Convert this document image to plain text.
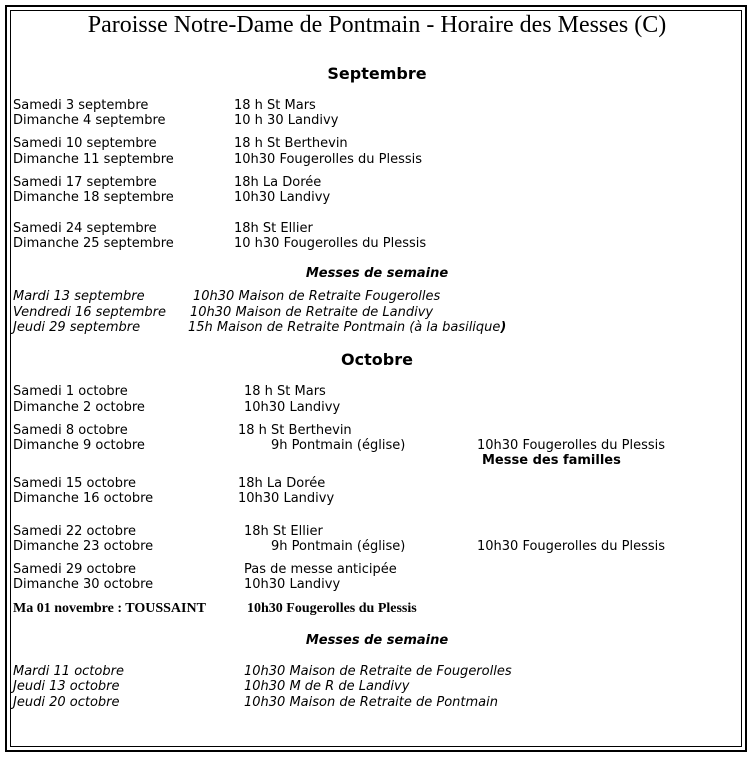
Paroisse Notre-Dame de Pontmain - Horaire des Messes (C)
Septembre
Samedi 3 septembre	18 h St Mars
Dimanche 4 septembre	10 h 30 Landivy
Samedi 10 septembre	18 h St Berthevin
Dimanche 11 septembre	10h30 Fougerolles du Plessis
Samedi 17 septembre	18h La Dorée
Dimanche 18 septembre	10h30 Landivy
Samedi 24 septembre	18h St Ellier
Dimanche 25 septembre	10 h30 Fougerolles du Plessis
Messes de semaine
Mardi 13 septembre	10h30 Maison de Retraite Fougerolles
Vendredi 16 septembre 10h30 Maison de Retraite de Landivy
Jeudi 29 septembre	15h Maison de Retraite Pontmain (à la basilique)
Octobre
Samedi 1 octobre	18 h St Mars
Dimanche 2 octobre	10h30 Landivy
Samedi 8 octobre	18 h St Berthevin
Dimanche 9 octobre	9h Pontmain (église)	10h30 Fougerolles du Plessis
Messe des familles
Samedi 15 octobre	18h La Dorée
Dimanche 16 octobre	10h30 Landivy
Samedi 22 octobre	18h St Ellier
Dimanche 23 octobre	9h Pontmain (église)	10h30 Fougerolles du Plessis
Samedi 29 octobre	Pas de messe anticipée
Dimanche 30 octobre	10h30 Landivy
Ma 01 novembre : TOUSSAINT	10h30 Fougerolles du Plessis
Messes de semaine
Mardi 11 octobre	10h30 Maison de Retraite de Fougerolles
Jeudi 13 octobre	10h30 M de R de Landivy
Jeudi 20 octobre	10h30 Maison de Retraite de Pontmain
